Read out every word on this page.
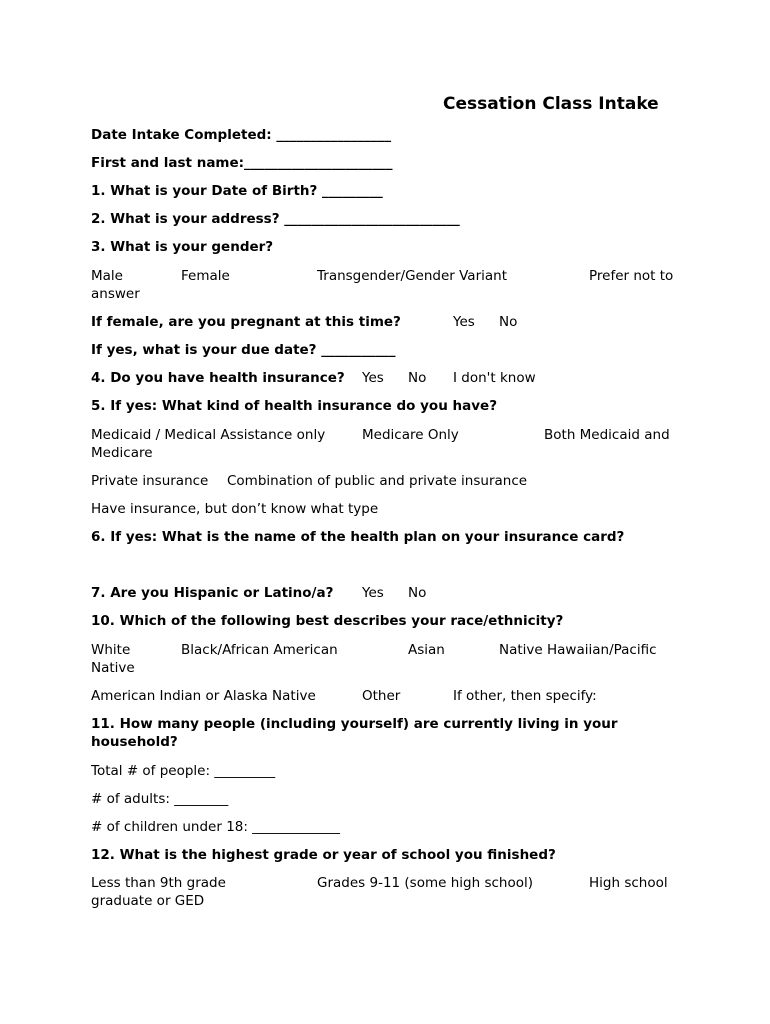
Cessation Class Intake
Date Intake Completed: _________________
First and last name:______________________
1. What is your Date of Birth? _________
2. What is your address? __________________________
3. What is your gender?
Male	Female	Transgender/Gender Variant	Prefer not to
answer
If female, are you pregnant at this time?	Yes No
If yes, what is your due date? ___________
4. Do you have health insurance? Yes No I don't know
5. If yes: What kind of health insurance do you have?
Medicaid / Medical Assistance only	Medicare Only	Both Medicaid and
Medicare
Private insurance Combination of public and private insurance
Have insurance, but don’t know what type
6. If yes: What is the name of the health plan on your insurance card?
7. Are you Hispanic or Latino/a? Yes No
10. Which of the following best describes your race/ethnicity?
White	Black/African American	Asian	Native Hawaiian/Pacific
Native
American Indian or Alaska Native	Other	If other, then specify:
11. How many people (including yourself) are currently living in your
household?
Total # of people: _________
# of adults: ________
# of children under 18: _____________
12. What is the highest grade or year of school you finished?
Less than 9th grade	Grades 9-11 (some high school)	High school
graduate or GED
